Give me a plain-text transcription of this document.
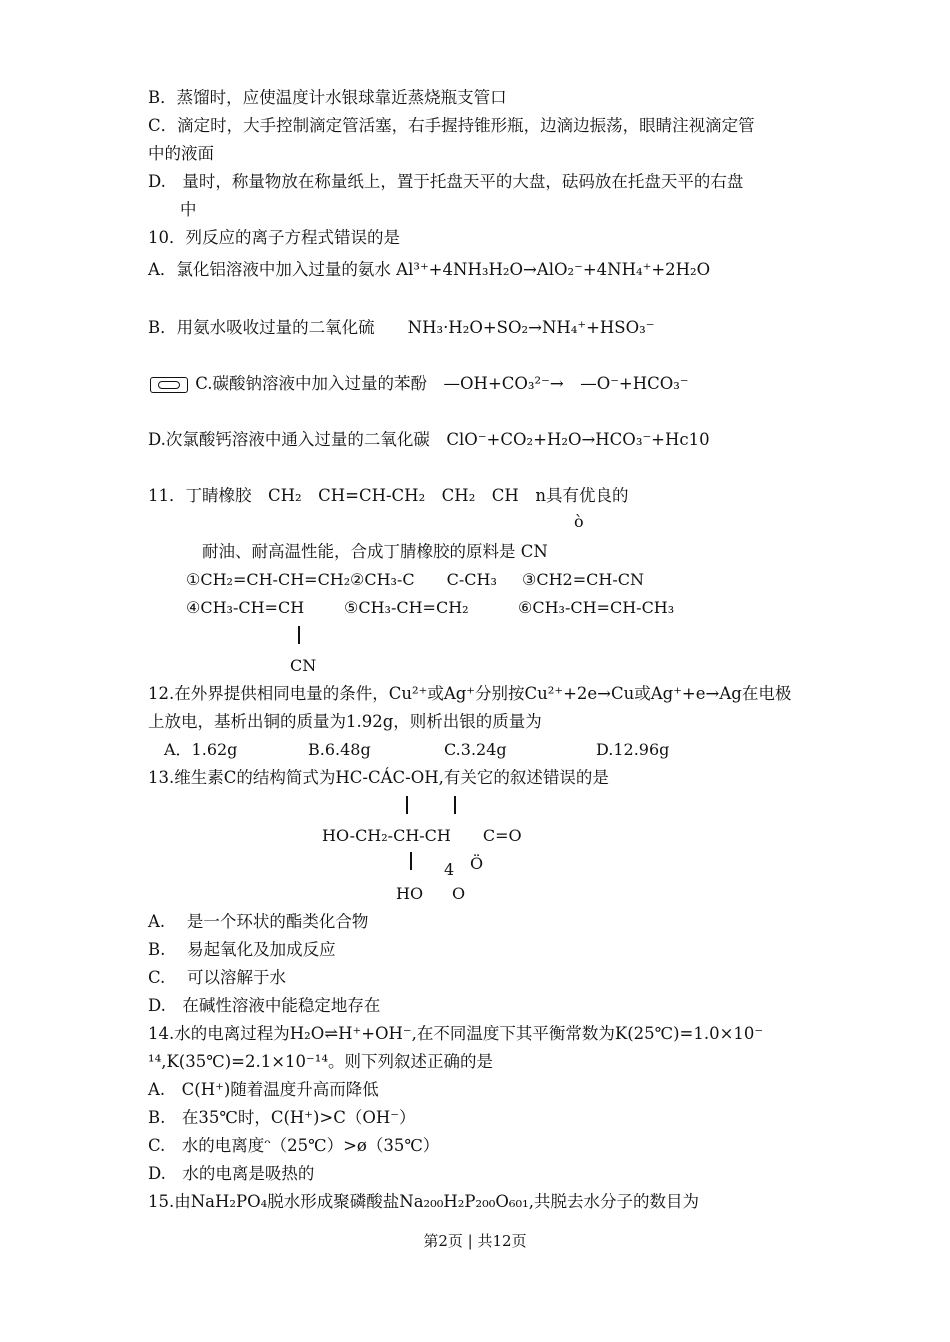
B．蒸馏时，应使温度计水银球靠近蒸烧瓶支管口
C．滴定时，大手控制滴定管活塞，右手握持锥形瓶，边滴边振荡，眼睛注视滴定管
中的液面
D.　量时，称量物放在称量纸上，置于托盘天平的大盘，砝码放在托盘天平的右盘
中
10．列反应的离子方程式错误的是
A．氯化铝溶液中加入过量的氨水 Al³⁺+4NH₃H₂O→AlO₂⁻+4NH₄⁺+2H₂O
B．用氨水吸收过量的二氧化硫　　NH₃·H₂O+SO₂→NH₄⁺+HSO₃⁻
C.碳酸钠溶液中加入过量的苯酚　—OH+CO₃²⁻→　—O⁻+HCO₃⁻
D.次氯酸钙溶液中通入过量的二氧化碳　ClO⁻+CO₂+H₂O→HCO₃⁻+Hc10
11．丁睛橡胶　CH₂　CH=CH-CH₂　CH₂　CH　n具有优良的
ò
耐油、耐高温性能，合成丁腈橡胶的原料是 CN
①CH₂=CH-CH=CH₂ ②CH₃-C　　C-CH₃ ③CH2=CH-CN
④CH₃-CH=CH ⑤CH₃-CH=CH₂	⑥CH₃-CH=CH-CH₃
CN
12.在外界提供相同电量的条件，Cu²⁺或Ag⁺分别按Cu²⁺+2e→Cu或Ag⁺+e→Ag在电极
上放电，基析出铜的质量为1.92g，则析出银的质量为
A．1.62g	B.6.48g	C.3.24g	D.12.96g
13.维生素C的结构简式为HC-CÁC-OH,有关它的叙述错误的是
HO-CH₂-CH-CH　　C=O
4 Ö
HO O
A.　 是一个环状的酯类化合物
B.　 易起氧化及加成反应
C.　 可以溶解于水
D.　在碱性溶液中能稳定地存在
14.水的电离过程为H₂O⇌H⁺+OH⁻,在不同温度下其平衡常数为K(25℃)=1.0×10⁻
¹⁴,K(35℃)=2.1×10⁻¹⁴。则下列叙述正确的是
A.　C(H⁺)随着温度升高而降低
B.　在35℃时，C(H⁺)>C（OH⁻）
C.　水的电离度ᵔ（25℃）>ø（35℃）
D.　水的电离是吸热的
15.由NaH₂PO₄脱水形成聚磷酸盐Na₂₀₀H₂P₂₀₀O₆₀₁,共脱去水分子的数目为
第2页 | 共12页
